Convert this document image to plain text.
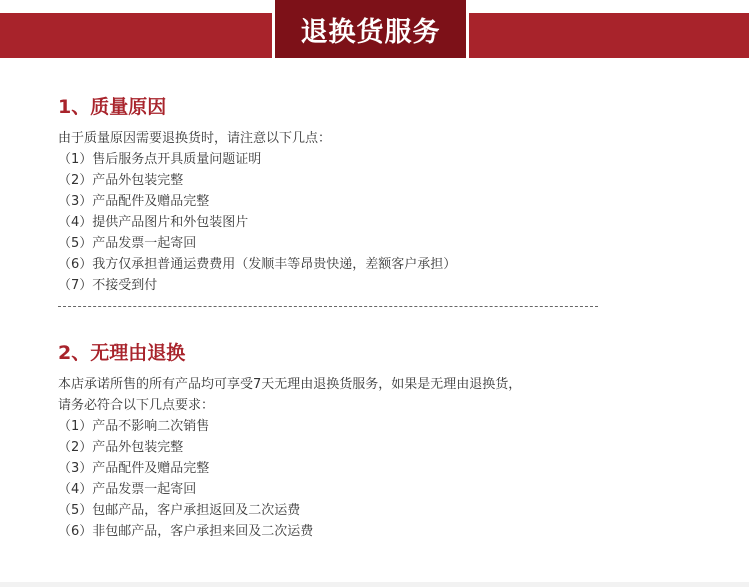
退换货服务
1、质量原因
由于质量原因需要退换货时，请注意以下几点：
（1）售后服务点开具质量问题证明
（2）产品外包装完整
（3）产品配件及赠品完整
（4）提供产品图片和外包装图片
（5）产品发票一起寄回
（6）我方仅承担普通运费费用（发顺丰等昂贵快递，差额客户承担）
（7）不接受到付
2、无理由退换
本店承诺所售的所有产品均可享受7天无理由退换货服务，如果是无理由退换货，
请务必符合以下几点要求：
（1）产品不影响二次销售
（2）产品外包装完整
（3）产品配件及赠品完整
（4）产品发票一起寄回
（5）包邮产品，客户承担返回及二次运费
（6）非包邮产品，客户承担来回及二次运费
